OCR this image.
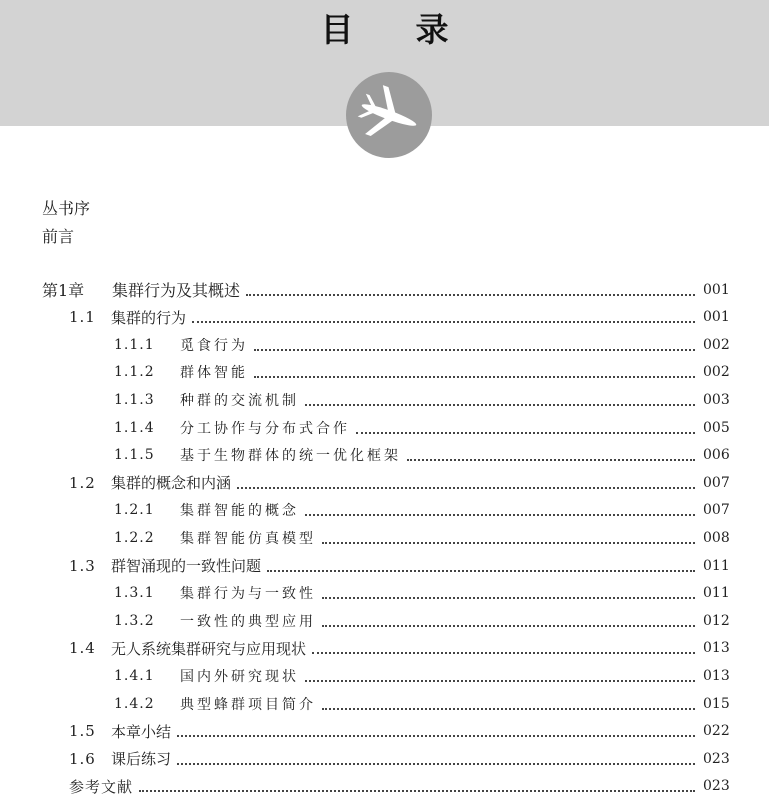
目录
丛书序
前言
第1章	集群行为及其概述	001
1.1	集群的行为	001
1.1.1	觅食行为	002
1.1.2	群体智能	002
1.1.3	种群的交流机制	003
1.1.4	分工协作与分布式合作	005
1.1.5	基于生物群体的统一优化框架	006
1.2	集群的概念和内涵	007
1.2.1	集群智能的概念	007
1.2.2	集群智能仿真模型	008
1.3	群智涌现的一致性问题	011
1.3.1	集群行为与一致性	011
1.3.2	一致性的典型应用	012
1.4	无人系统集群研究与应用现状	013
1.4.1	国内外研究现状	013
1.4.2	典型蜂群项目简介	015
1.5	本章小结	022
1.6	课后练习	023
参考文献	023
